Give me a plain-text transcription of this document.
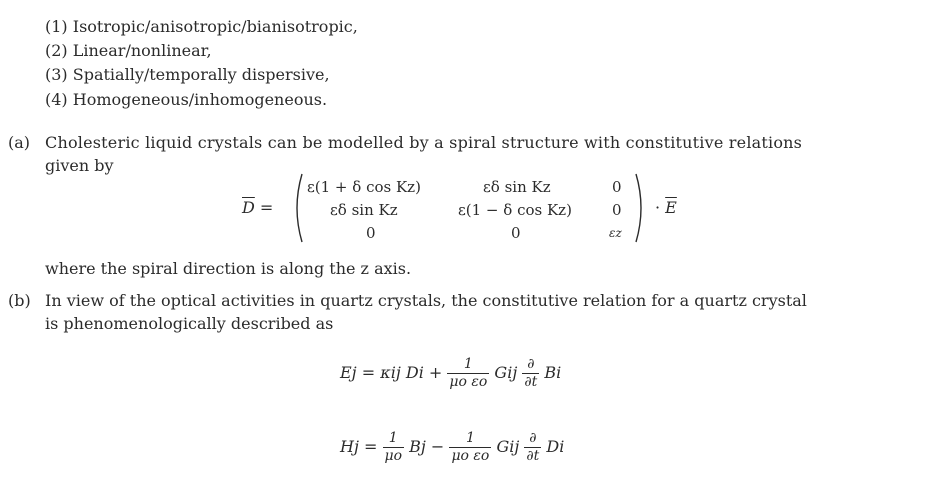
(1) Isotropic/anisotropic/bianisotropic,
(2) Linear/nonlinear,
(3) Spatially/temporally dispersive,
(4) Homogeneous/inhomogeneous.
(a) Cholesteric liquid crystals can be modelled by a spiral structure with constitutive relations
given by
$\overline{D}$ =
ε(1 + δ cos Kz)	εδ sin Kz	0
εδ sin Kz	ε(1 − δ cos Kz)	0
0	0	εz
· $\overline{E}$
where the spiral direction is along the z axis.
(b) In view of the optical activities in quartz crystals, the constitutive relation for a quartz crystal
is phenomenologically described as
Ej = κij $Di + \frac{1}{\text{μo εo}}$ Gij $\frac{\partial}{\partial t}$ Bi
$Hj = \frac{1}{\mu o}$ $Bj - \frac{1}{\text{μo εo}}$ Gij $\frac{\partial}{\partial t}$ Di
